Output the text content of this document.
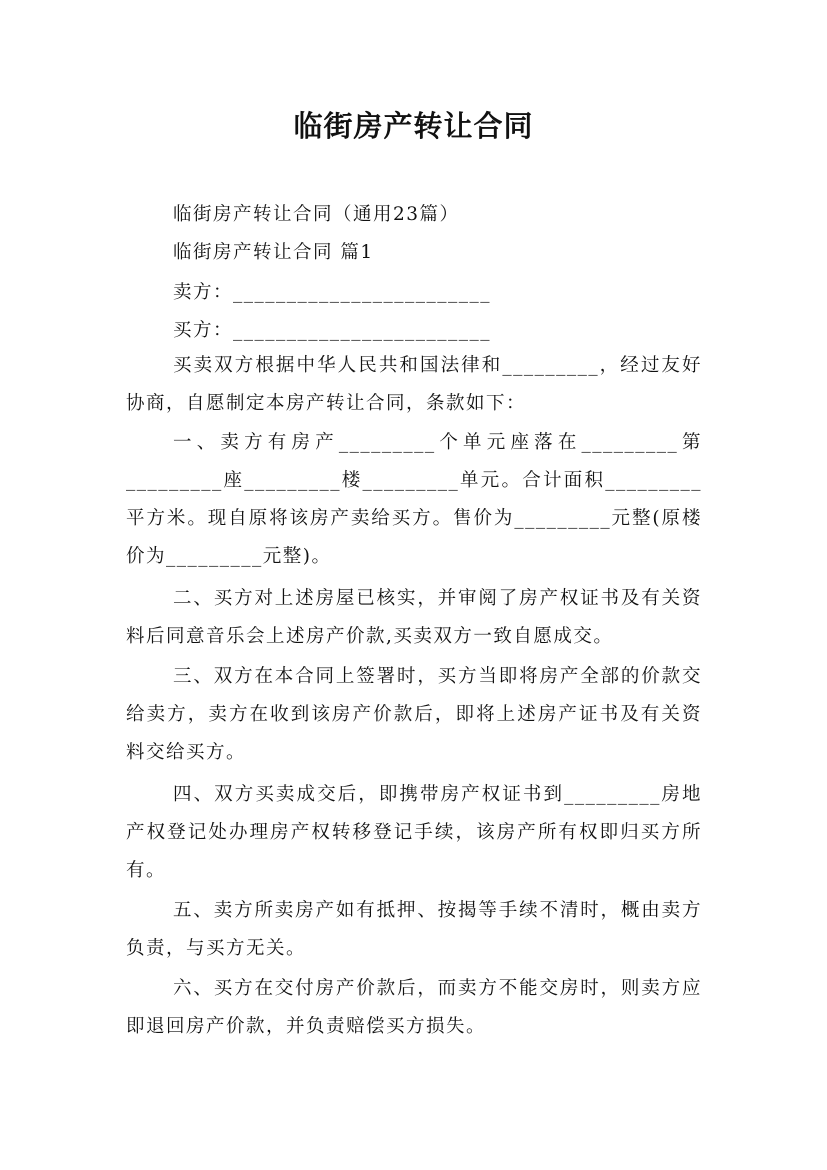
临街房产转让合同
临街房产转让合同（通用23篇）
临街房产转让合同 篇1
卖方：________________________
买方：________________________

买卖双方根据中华人民共和国法律和_________，经过友好协商，自愿制定本房产转让合同，条款如下：

一、卖方有房产_________个单元座落在_________第_________座_________楼_________单元。合计面积_________平方米。现自原将该房产卖给买方。售价为_________元整(原楼价为_________元整)。

二、买方对上述房屋已核实，并审阅了房产权证书及有关资料后同意音乐会上述房产价款,买卖双方一致自愿成交。

三、双方在本合同上签署时，买方当即将房产全部的价款交给卖方，卖方在收到该房产价款后，即将上述房产证书及有关资料交给买方。

四、双方买卖成交后，即携带房产权证书到_________房地产权登记处办理房产权转移登记手续，该房产所有权即归买方所有。

五、卖方所卖房产如有抵押、按揭等手续不清时，概由卖方负责，与买方无关。

六、买方在交付房产价款后，而卖方不能交房时，则卖方应即退回房产价款，并负责赔偿买方损失。
